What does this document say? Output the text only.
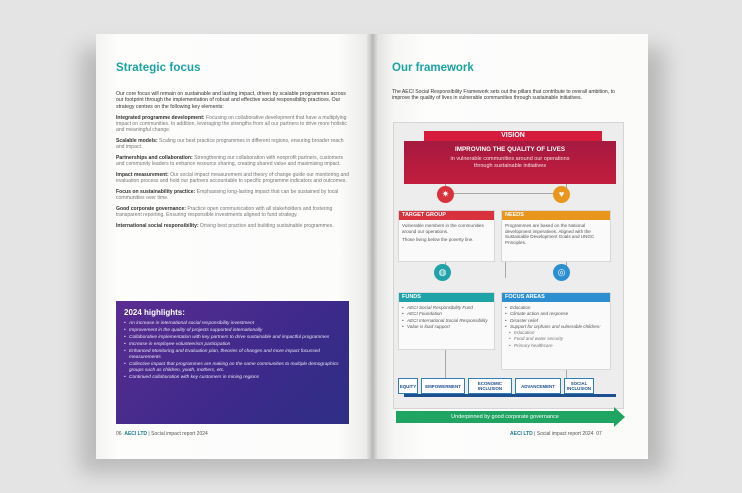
Strategic focus

Our core focus will remain on sustainable and lasting impact, driven by scalable programmes across our footprint through the implementation of robust and effective social responsibility practices. Our strategy centres on the following key elements:

Integrated programme development: Focusing on collaborative development that have a multiplying impact on communities. In addition, leveraging the strengths from all our partners to drive more holistic and meaningful change.

Scalable models: Scaling our best practice programmes in different regions, ensuring broader reach and impact.

Partnerships and collaboration: Strengthening our collaboration with nonprofit partners, customers and community leaders to enhance resource sharing, creating shared value and maximising impact.

Impact measurement: Our social impact measurement and theory of change guide our monitoring and evaluation process and hold our partners accountable to specific programme indicators and outcomes.

Focus on sustainability practice: Emphasising long-lasting impact that can be sustained by local communities over time.

Good corporate governance: Practice open communication with all stakeholders and fostering transparent reporting. Ensuring responsible investments aligned to fund strategy.

International social responsibility: Driving best practice and building sustainable programmes.

2024 highlights:
• An increase in international social responsibility investment
• Improvement in the quality of projects supported internationally
• Collaborative implementation with key partners to drive sustainable and impactful programmes
• Increase in employee volunteerism participation
• Enhanced Monitoring and Evaluation plan, theories of changes and more impact focussed measurements
• Collective impact that programmes are making on the same communities to multiple demographics groups such as children, youth, mothers, etc.
• Continued collaboration with key customers in mining regions
06 AECI LTD | Social impact report 2024
Our framework

The AECI Social Responsibility Framework sets out the pillars that contribute to overall ambition, to improve the quality of lives in vulnerable communities through sustainable initiatives.

VISION
IMPROVING THE QUALITY OF LIVES
in vulnerable communities around our operations
through sustainable initiatives
✷	♥
◍	◎
TARGET GROUP

Vulnerable members in the communities around our operations.

Those living below the poverty line.

NEEDS

Programmes are based on the National development imperatives. Aligned with the Sustainable Development Goals and UNGC Principles.

FUNDS
• AECI Social Responsibility Fund
• AECI Foundation
• AECI International Social Responsibility
• Value is load support
FOCUS AREAS
• Education
• Climate action and response
• Disaster relief
• Support for orphans and vulnerable children:
• Education
• Food and water security
• Primary healthcare
EQUITY	EMPOWERMENT	ECONOMIC INCLUSION	ADVANCEMENT	SOCIAL INCLUSION
Underpinned by good corporate governance
AECI LTD | Social impact report 2024 07
